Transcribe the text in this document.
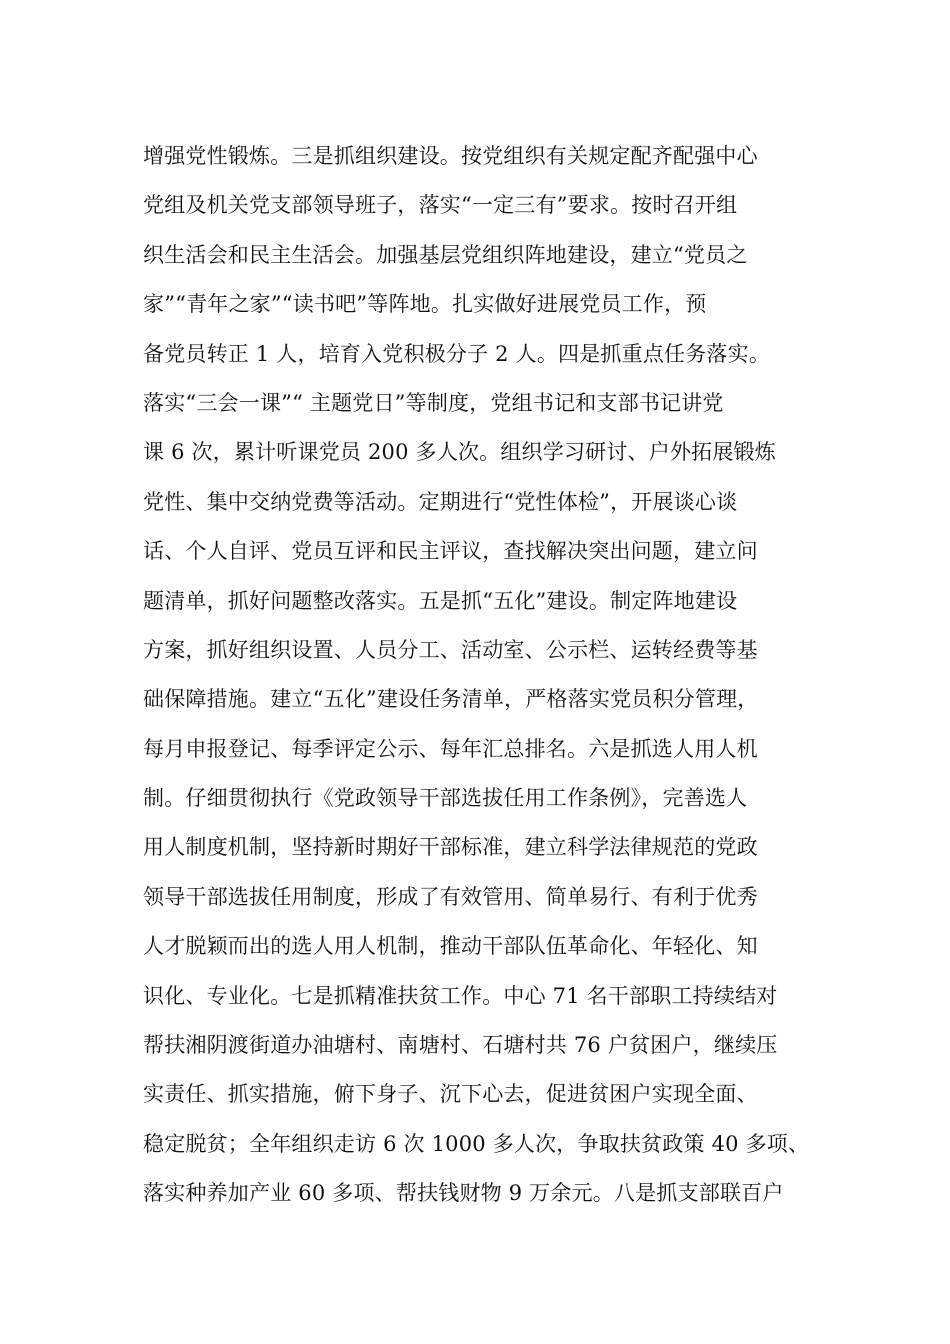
增强党性锻炼。三是抓组织建设。按党组织有关规定配齐配强中心
党组及机关党支部领导班子，落实“一定三有”要求。按时召开组
织生活会和民主生活会。加强基层党组织阵地建设，建立“党员之
家”“青年之家”“读书吧”等阵地。扎实做好进展党员工作，预
备党员转正 1 人，培育入党积极分子 2 人。四是抓重点任务落实。
落实“三会一课”“ 主题党日”等制度，党组书记和支部书记讲党
课 6 次，累计听课党员 200 多人次。组织学习研讨、户外拓展锻炼
党性、集中交纳党费等活动。定期进行“党性体检”，开展谈心谈
话、个人自评、党员互评和民主评议，查找解决突出问题，建立问
题清单，抓好问题整改落实。五是抓“五化”建设。制定阵地建设
方案，抓好组织设置、人员分工、活动室、公示栏、运转经费等基
础保障措施。建立“五化”建设任务清单，严格落实党员积分管理，
每月申报登记、每季评定公示、每年汇总排名。六是抓选人用人机
制。仔细贯彻执行《党政领导干部选拔任用工作条例》，完善选人
用人制度机制，坚持新时期好干部标准，建立科学法律规范的党政
领导干部选拔任用制度，形成了有效管用、简单易行、有利于优秀
人才脱颖而出的选人用人机制，推动干部队伍革命化、年轻化、知
识化、专业化。七是抓精准扶贫工作。中心 71 名干部职工持续结对
帮扶湘阴渡街道办油塘村、南塘村、石塘村共 76 户贫困户，继续压
实责任、抓实措施，俯下身子、沉下心去，促进贫困户实现全面、
稳定脱贫；全年组织走访 6 次 1000 多人次，争取扶贫政策 40 多项、
落实种养加产业 60 多项、帮扶钱财物 9 万余元。八是抓支部联百户
